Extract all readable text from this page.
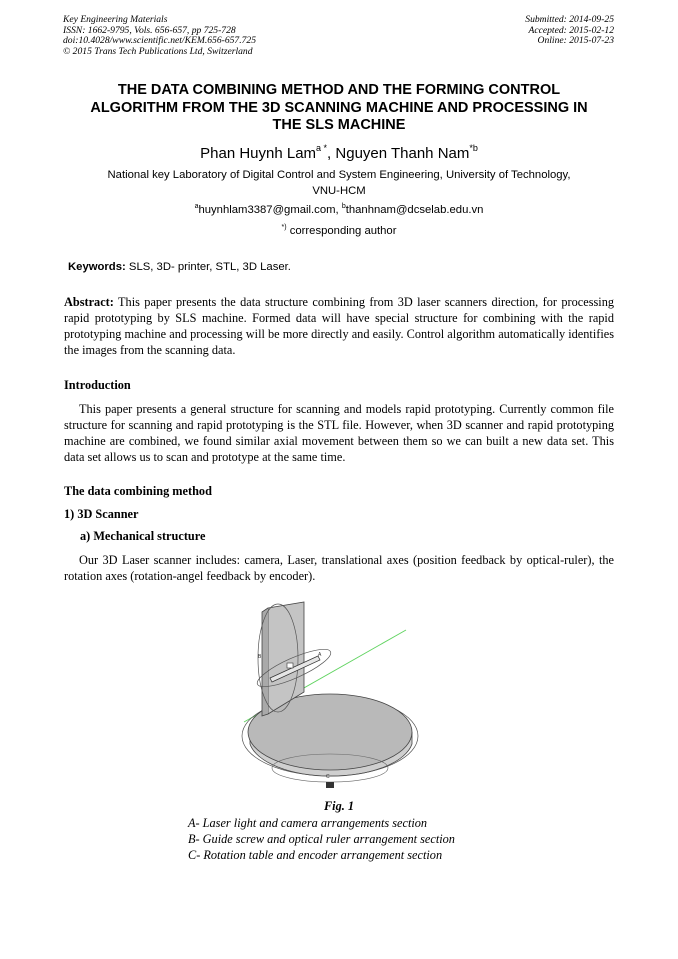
Key Engineering Materials
ISSN: 1662-9795, Vols. 656-657, pp 725-728
doi:10.4028/www.scientific.net/KEM.656-657.725
© 2015 Trans Tech Publications Ltd, Switzerland
Submitted: 2014-09-25
Accepted: 2015-02-12
Online: 2015-07-23
THE DATA COMBINING METHOD AND THE FORMING CONTROL
ALGORITHM FROM THE 3D SCANNING MACHINE AND PROCESSING IN
THE SLS MACHINE
Phan Huynh Lam$^{a *}$, Nguyen Thanh Nam$^{*b}$
National key Laboratory of Digital Control and System Engineering, University of Technology,
VNU-HCM
$^a$huynhlam3387@gmail.com, $^b$thanhnam@dcselab.edu.vn
*) corresponding author
Keywords: SLS, 3D- printer, STL, 3D Laser.
Abstract: This paper presents the data structure combining from 3D laser scanners direction, for processing rapid prototyping by SLS machine. Formed data will have special structure for combining with the rapid prototyping machine and processing will be more directly and easily. Control algorithm automatically identifies the images from the scanning data.
Introduction
This paper presents a general structure for scanning and models rapid prototyping. Currently common file structure for scanning and rapid prototyping is the STL file. However, when 3D scanner and rapid prototyping machine are combined, we found similar axial movement between them so we can built a new data set. This data set allows us to scan and prototype at the same time.
The data combining method
1) 3D Scanner
a) Mechanical structure
Our 3D Laser scanner includes: camera, Laser, translational axes (position feedback by optical-ruler), the rotation axes (rotation-angel feedback by encoder).
B	A
C
Fig. 1
A- Laser light and camera arrangements section
B- Guide screw and optical ruler arrangement section
C- Rotation table and encoder arrangement section
